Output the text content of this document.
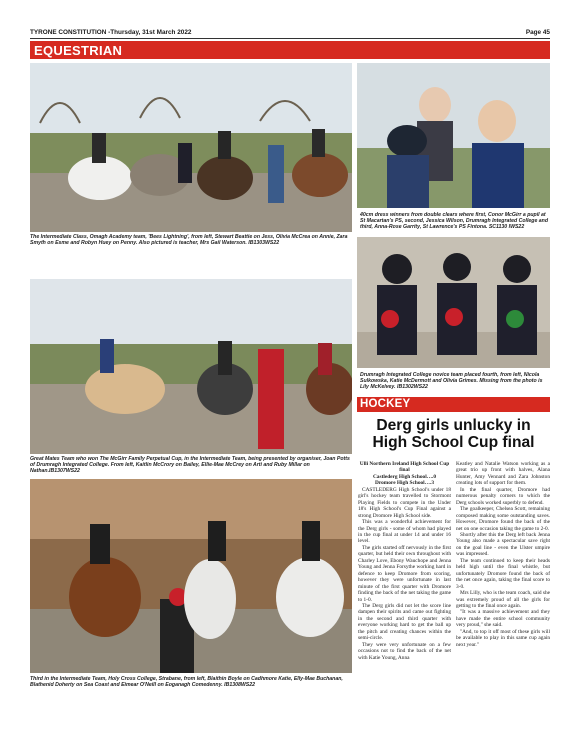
TYRONE CONSTITUTION -Thursday, 31st March 2022	Page 45
EQUESTRIAN
The Intermediate Class, Omagh Academy team, 'Bees Lightning', from left, Stewart Beattie on Jess, Olivia McCrea on Annie, Zara Smyth on Esme and Robyn Huey on Penny. Also pictured is teacher, Mrs Gail Waterson. IB1303WS22
40cm dress winners from double clears where first, Conor McGirr a pupil at St Macartan's PS, second, Jessica Wilson, Drumragh Integrated College and third, Anna-Rose Garrity, St Lawrence's PS Fintona. SC1130 IWS22
Great Mates Team who won The McGirr Family Perpetual Cup, in the Intermediate Team, being presented by organiser, Joan Potts of Drumragh Integrated College. From left, Kaitlin McCrory on Bailey, Ellie-Mae McCrey on Arti and Ruby Millar on Nathan.IB1307WS22
Drumragh Integrated College novice team placed fourth, from left, Nicola Sulkowska, Katie McDermott and Olivia Grimes. Missing from the photo is Lily McKelvey. IB1302WS22
Third in the Intermediate Team, Holy Cross College, Strabane, from left, Blaithin Boyle on Cadhmore Katie, Elly-Mae Buchanan, Blathenid Doherty on Sea Coast and Eimear O'Neill on Eoganagh Comedenny. IB1308WS22
HOCKEY
Derg girls unlucky in High School Cup final

Ulli Northern Ireland High School Cup final

Castlederg High School….0

Dromore High School….3

CASTLEDERG High School's under 18 girl's hockey team travelled to Stormont Playing Fields to compete in the Under 18's High School's Cup Final against a strong Dromore High School side.

This was a wonderful achievement for the Derg girls - some of whom had played in the cup final at under 14 and under 16 level.

The girls started off nervously in the first quarter, but held their own throughout with Charley Love, Ebony Wauchope and Jenna Young and Jenna Forsythe working hard in defence to keep Dromore from scoring, however they were unfortunate in last minute of the first quarter with Dromore finding the back of the net taking the game to 1-0.

The Derg girls did not let the score line dampen their spirits and came out fighting in the second and third quarter with everyone working hard to get the ball up the pitch and creating chances within the semi-circle.

They were very unfortunate on a few occasions not to find the back of the net with Katie Young, Anna

Keatley and Natalie Watson working as a great trio up front with halves, Alana Hunter, Amy Vennard and Zara Johnston creating lots of support for them.

In the final quarter, Dromore had numerous penalty corners to which the Derg schools worked superbly to defend.

The goalkeeper, Chelsea Scott, remaining composed making some outstanding saves. However, Dromore found the back of the net on one occasion taking the game to 2-0.

Shortly after this the Derg left back Jenna Young also made a spectacular save right on the goal line - even the Ulster umpire was impressed.

The team continued to keep their heads held high until the final whistle, but unfortunately Dromore found the back of the net once again, taking the final score to 3-0.

Mrs Lilly, who is the team coach, said she was extremely proud of all the girls for getting to the final once again.

"It was a massive achievement and they have made the entire school community very proud," she said.

"And, to top it off most of these girls will be available to play in this same cup again next year."
